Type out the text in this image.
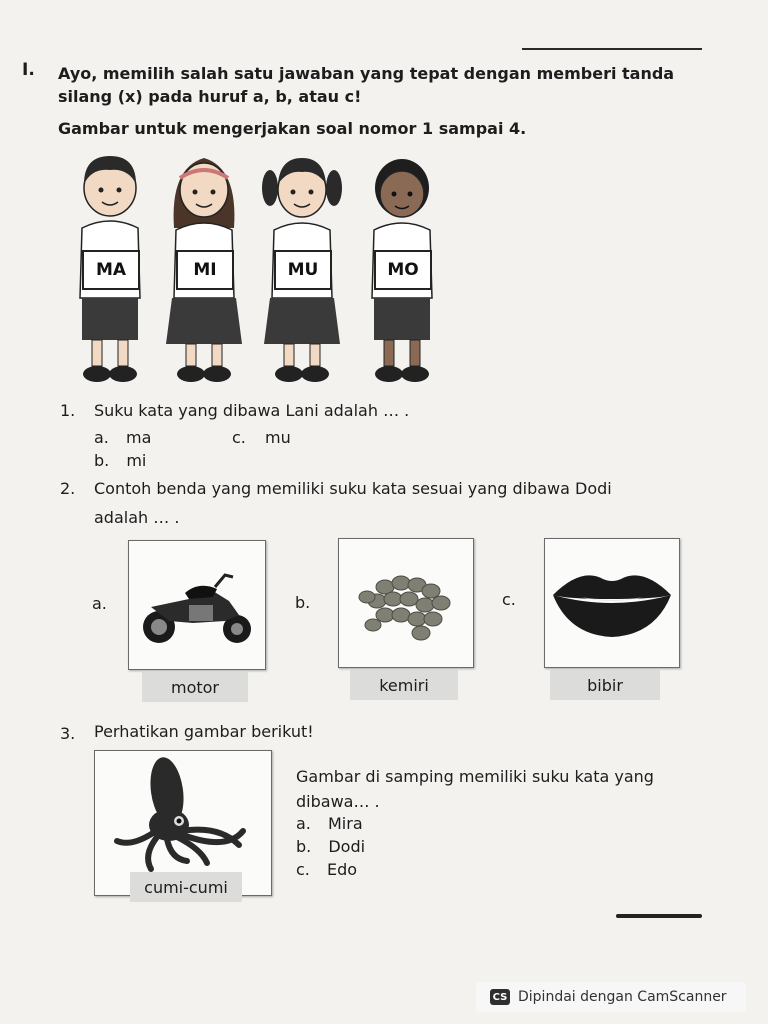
I. Ayo, memilih salah satu jawaban yang tepat dengan memberi tanda silang (x) pada huruf a, b, atau c!
Gambar untuk mengerjakan soal nomor 1 sampai 4.
MA	MI	MU	MO
1. Suku kata yang dibawa Lani adalah … .
a. ma	c. mu
b. mi
2. Contoh benda yang memiliki suku kata sesuai yang dibawa Dodi
adalah … .
a.
motor
b.
kemiri
c.
bibir
3. Perhatikan gambar berikut!
cumi-cumi
Gambar di samping memiliki suku kata yang
dibawa… .
a. Mira
b. Dodi
c. Edo
CS Dipindai dengan CamScanner
